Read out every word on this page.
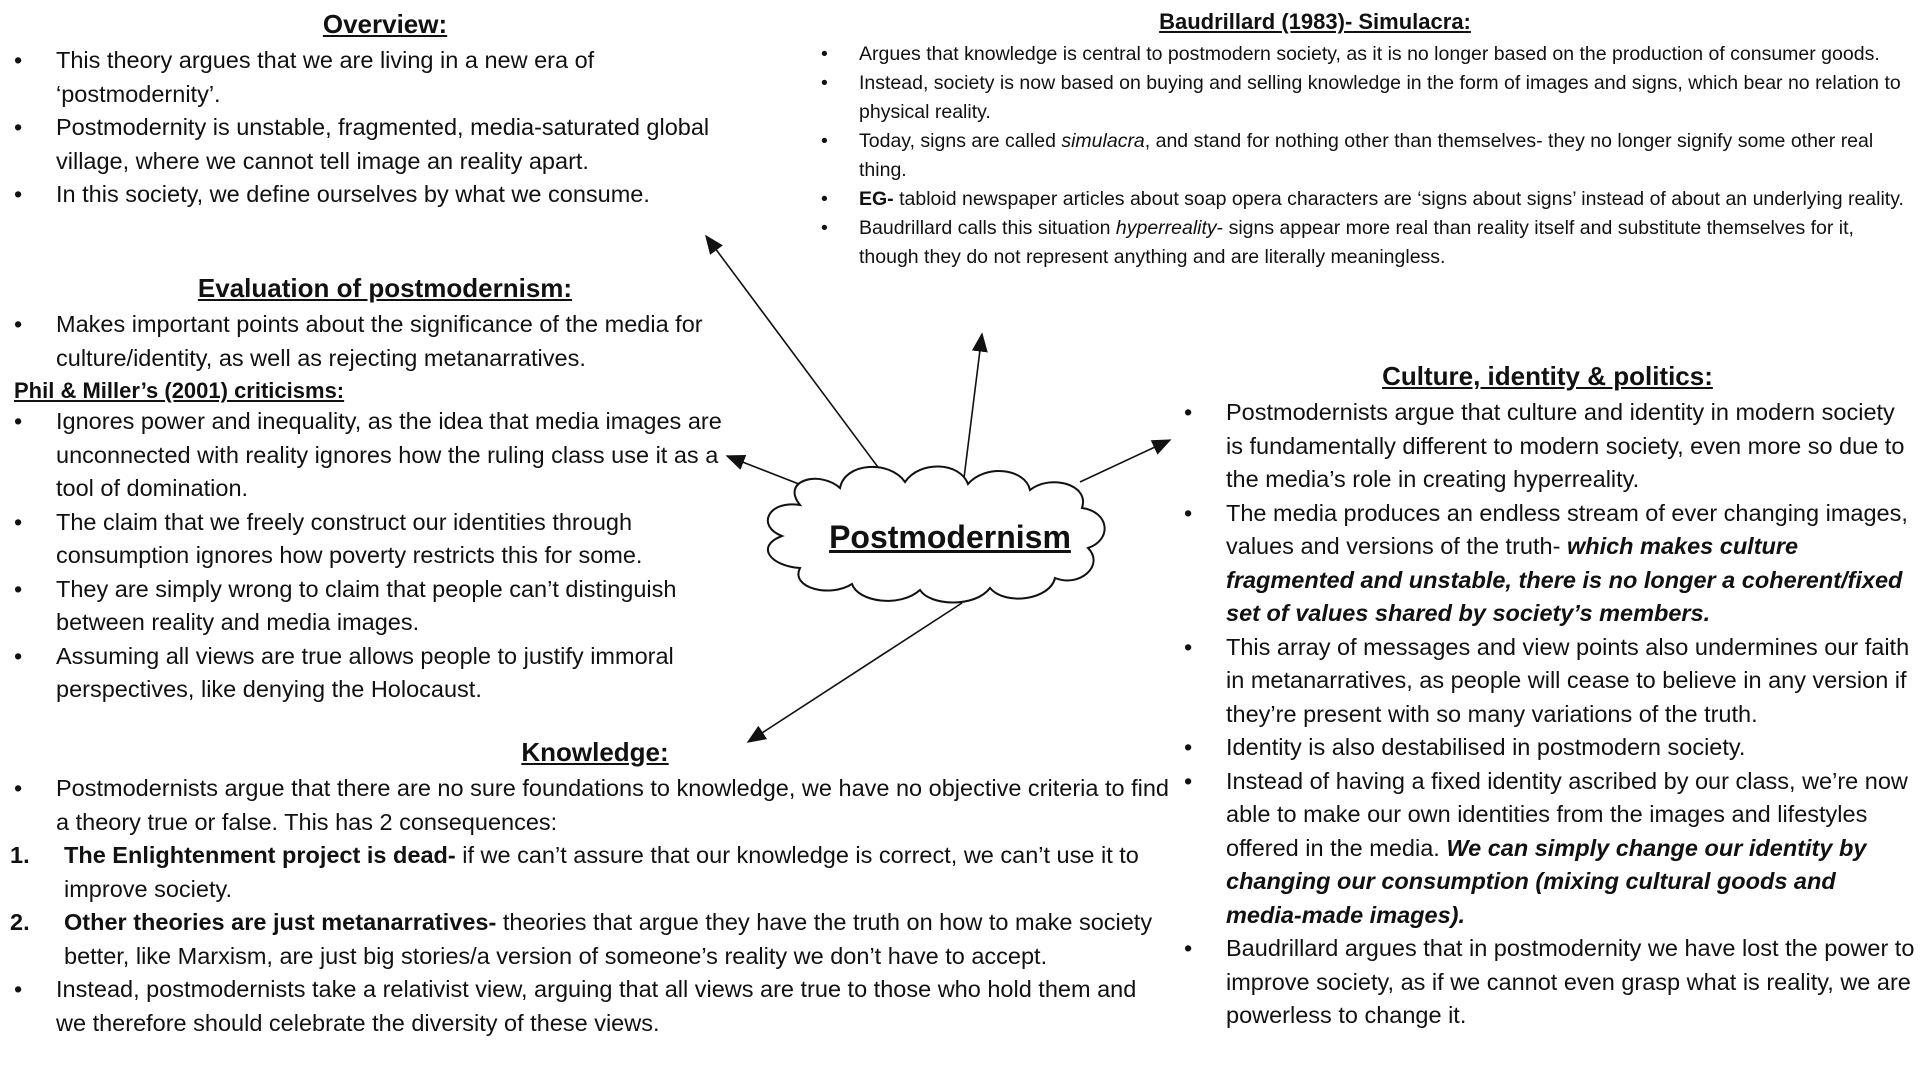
Postmodernism
Overview:
• This theory argues that we are living in a new era of ‘postmodernity’.
• Postmodernity is unstable, fragmented, media-saturated global village, where we cannot tell image an reality apart.
• In this society, we define ourselves by what we consume.
Evaluation of postmodernism:
• Makes important points about the significance of the media for culture/identity, as well as rejecting metanarratives.
Phil & Miller’s (2001) criticisms:
• Ignores power and inequality, as the idea that media images are unconnected with reality ignores how the ruling class use it as a tool of domination.
• The claim that we freely construct our identities through consumption ignores how poverty restricts this for some.
• They are simply wrong to claim that people can’t distinguish between reality and media images.
• Assuming all views are true allows people to justify immoral perspectives, like denying the Holocaust.
Baudrillard (1983)- Simulacra:
• Argues that knowledge is central to postmodern society, as it is no longer based on the production of consumer goods.
• Instead, society is now based on buying and selling knowledge in the form of images and signs, which bear no relation to physical reality.
• Today, signs are called simulacra, and stand for nothing other than themselves- they no longer signify some other real thing.
• EG- tabloid newspaper articles about soap opera characters are ‘signs about signs’ instead of about an underlying reality.
• Baudrillard calls this situation hyperreality- signs appear more real than reality itself and substitute themselves for it, though they do not represent anything and are literally meaningless.
Culture, identity & politics:
• Postmodernists argue that culture and identity in modern society is fundamentally different to modern society, even more so due to the media’s role in creating hyperreality.
• The media produces an endless stream of ever changing images, values and versions of the truth- which makes culture fragmented and unstable, there is no longer a coherent/fixed set of values shared by society’s members.
• This array of messages and view points also undermines our faith in metanarratives, as people will cease to believe in any version if they’re present with so many variations of the truth.
• Identity is also destabilised in postmodern society.
• Instead of having a fixed identity ascribed by our class, we’re now able to make our own identities from the images and lifestyles offered in the media. We can simply change our identity by changing our consumption (mixing cultural goods and media-made images).
• Baudrillard argues that in postmodernity we have lost the power to improve society, as if we cannot even grasp what is reality, we are powerless to change it.
Knowledge:
• Postmodernists argue that there are no sure foundations to knowledge, we have no objective criteria to find a theory true or false. This has 2 consequences:
1. The Enlightenment project is dead- if we can’t assure that our knowledge is correct, we can’t use it to improve society.
2. Other theories are just metanarratives- theories that argue they have the truth on how to make society better, like Marxism, are just big stories/a version of someone’s reality we don’t have to accept.
• Instead, postmodernists take a relativist view, arguing that all views are true to those who hold them and we therefore should celebrate the diversity of these views.
